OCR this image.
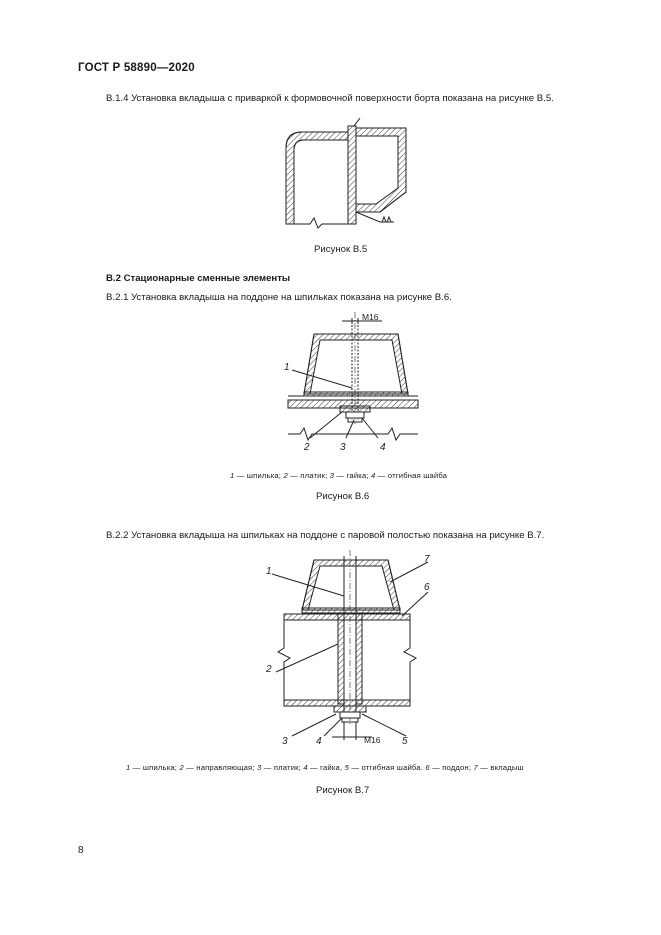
ГОСТ Р 58890—2020
В.1.4 Установка вкладыша с приваркой к формовочной поверхности борта показана на рисунке В.5.
Рисунок В.5
В.2 Стационарные сменные элементы
В.2.1 Установка вкладыша на поддоне на шпильках показана на рисунке В.6.
М16
1
2	3	4
1 — шпилька; 2 — платик; 3 — гайка; 4 — отгибная шайба
Рисунок В.6
В.2.2 Установка вкладыша на шпильках на поддоне с паровой полостью показана на рисунке В.7.
1
2
3	4	5
6
7
М16
1 — шпилька; 2 — направляющая; 3 — платик; 4 — гайка, 5 — отгибная шайба. 6 — поддон; 7 — вкладыш
Рисунок В.7
8
